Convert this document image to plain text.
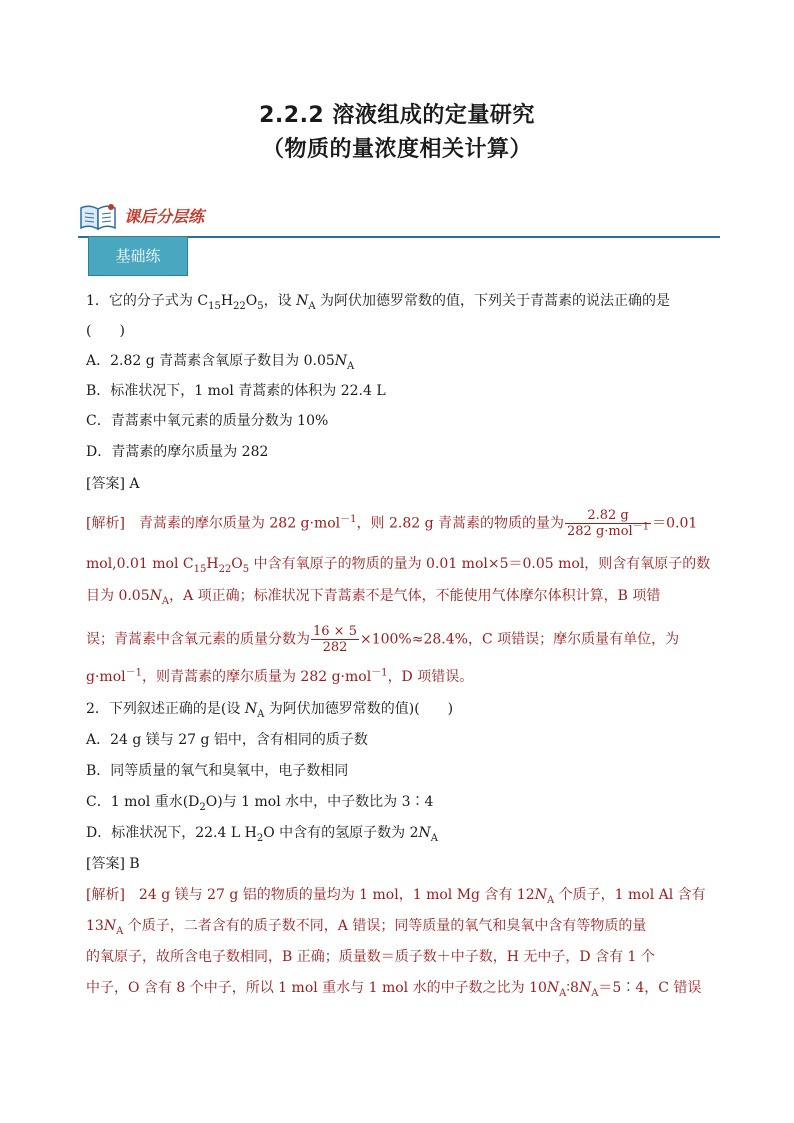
2.2.2 溶液组成的定量研究
（物质的量浓度相关计算）
课后分层练
基础练
1．它的分子式为 $C_{15}H_{22}O_5$，设 $N_A$ 为阿伏加德罗常数的值，下列关于青蒿素的说法正确的是
(　　)
A．2.82 g 青蒿素含氧原子数目为 $0.05N_A$
B．标准状况下，1 mol 青蒿素的体积为 22.4 L
C．青蒿素中氧元素的质量分数为 10%
D．青蒿素的摩尔质量为 282
[答案] A
[解析]　青蒿素的摩尔质量为 282 g·mol$^{-1}$，则 2.82 g 青蒿素的物质的量为 $\frac{2.82 g}{282 g\cdot mol^{-1}} =0.01$
mol,0.01 mol $C_{15}H_{22}O_5$ 中含有氧原子的物质的量为 0.01 mol×5＝0.05 mol，则含有氧原子的数
目为 $0.05N_A$，A 项正确；标准状况下青蒿素不是气体，不能使用气体摩尔体积计算，B 项错
误；青蒿素中含氧元素的质量分数为 $\frac{16 \times 5}{282} \times 100\%\approx 28.4\%$，C 项错误；摩尔质量有单位，为
g·mol$^{-1}$，则青蒿素的摩尔质量为 282 g·mol$^{-1}$，D 项错误。
2．下列叙述正确的是(设 $N_A$ 为阿伏加德罗常数的值)(　　)
A．24 g 镁与 27 g 铝中，含有相同的质子数
B．同等质量的氧气和臭氧中，电子数相同
C．1 mol 重水$(D_2O)$与 1 mol 水中，中子数比为 3∶4
D．标准状况下，22.4 L $H_2O$ 中含有的氢原子数为 $2N_A$
[答案] B
[解析]　24 g 镁与 27 g 铝的物质的量均为 1 mol，1 mol Mg 含有 $12N_A$ 个质子，1 mol Al 含有
$13N_A$ 个质子，二者含有的质子数不同，A 错误；同等质量的氧气和臭氧中含有等物质的量
的氧原子，故所含电子数相同，B 正确；质量数＝质子数＋中子数，H 无中子，D 含有 1 个
中子，O 含有 8 个中子，所以 1 mol 重水与 1 mol 水的中子数之比为 $10N_A∶8N_A=5∶4$，C 错误
